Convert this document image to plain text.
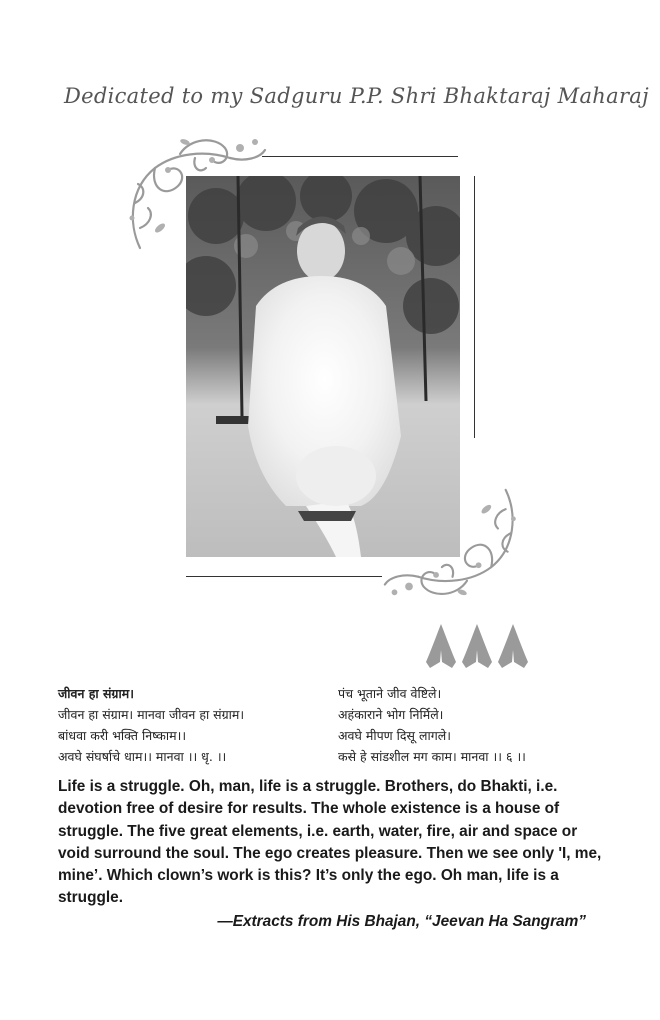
Dedicated to my Sadguru P.P. Shri Bhaktaraj Maharaj
जीवन हा संग्राम।
जीवन हा संग्राम। मानवा जीवन हा संग्राम।
बांधवा करी भक्ति निष्काम।।
अवघे संघर्षाचे धाम।। मानवा ।। धृ. ।।
पंच भूताने जीव वेष्टिले।
अहंकाराने भोग निर्मिले।
अवघे मीपण दिसू लागले।
कसे हे सांडशील मग काम। मानवा ।। ६ ।।

Life is a struggle. Oh, man, life is a struggle. Brothers, do Bhakti, i.e. devotion free of desire for results. The whole existence is a house of struggle. The five great elements, i.e. earth, water, fire, air and space or void surround the soul. The ego creates pleasure. Then we see only 'I, me, mine’. Which clown’s work is this? It’s only the ego. Oh man, life is a struggle.

—Extracts from His Bhajan, “Jeevan Ha Sangram”
